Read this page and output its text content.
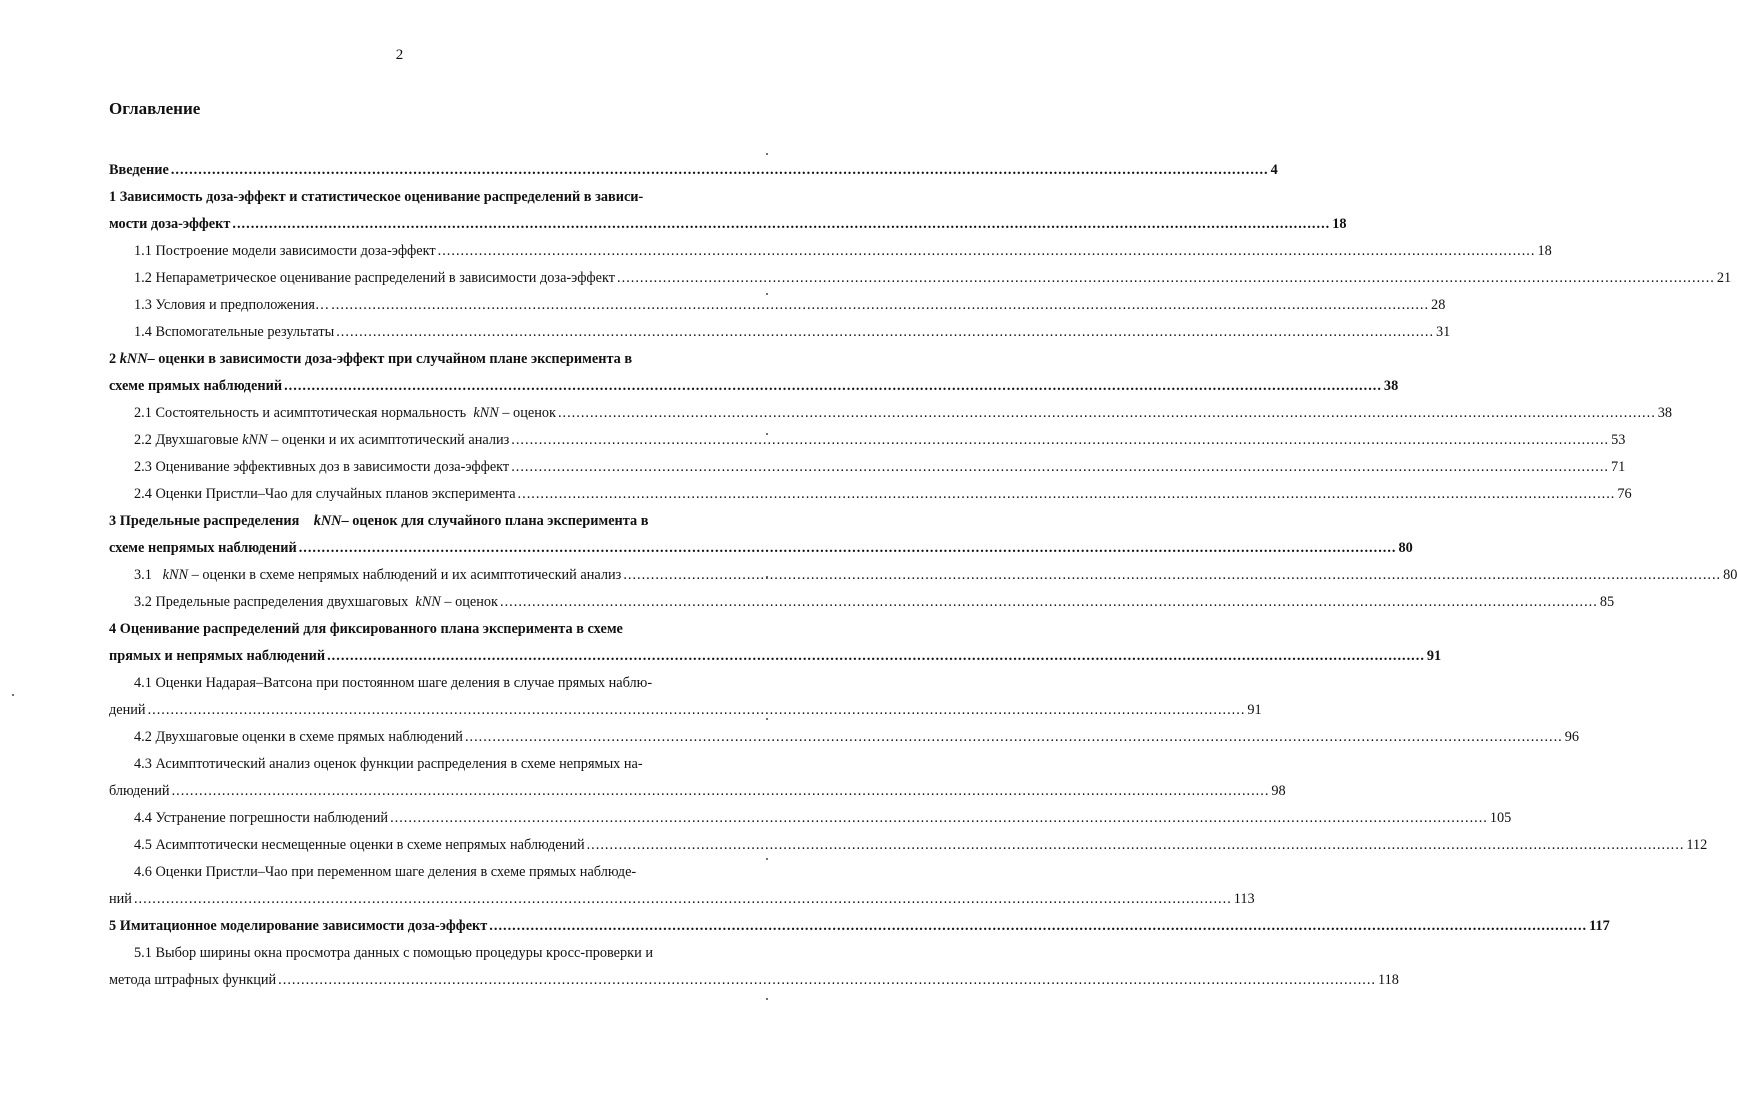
2
Оглавление
Введение .....	4
1 Зависимость доза-эффект и статистическое оценивание распределений в зависи-
мости доза-эффект .....	18
1.1 Построение модели зависимости доза-эффект .....	18
1.2 Непараметрическое оценивание распределений в зависимости доза-эффект .....	21
1.3 Условия и предположения… .....	28
1.4 Вспомогательные результаты .....	31
2
kNN – оценки в зависимости доза-эффект при случайном плане эксперимента в
схеме прямых наблюдений .....	38
2.1 Состоятельность и асимптотическая нормальность kNN – оценок .....	38
2.2 Двухшаговые kNN – оценки и их асимптотический анализ .....	53
2.3 Оценивание эффективных доз в зависимости доза-эффект .....	71
2.4 Оценки Пристли–Чао для случайных планов эксперимента .....	76
3 Предельные распределения
kNN – оценок для случайного плана эксперимента в
схеме непрямых наблюдений .....	80
3.1 kNN – оценки в схеме непрямых наблюдений и их асимптотический анализ .....	80
3.2 Предельные распределения двухшаговых kNN – оценок .....	85
4 Оценивание распределений для фиксированного плана эксперимента в схеме
прямых и непрямых наблюдений .....	91
4.1 Оценки Надарая–Ватсона при постоянном шаге деления в случае прямых наблю-
дений .....	91
4.2 Двухшаговые оценки в схеме прямых наблюдений .....	96
4.3 Асимптотический анализ оценок функции распределения в схеме непрямых на-
блюдений .....	98
4.4 Устранение погрешности наблюдений .....	105
4.5 Асимптотически несмещенные оценки в схеме непрямых наблюдений .....	112
4.6 Оценки Пристли–Чао при переменном шаге деления в схеме прямых наблюде-
ний .....	113
5 Имитационное моделирование зависимости доза-эффект .....	117
5.1 Выбор ширины окна просмотра данных с помощью процедуры кросс-проверки и
метода штрафных функций .....	118
